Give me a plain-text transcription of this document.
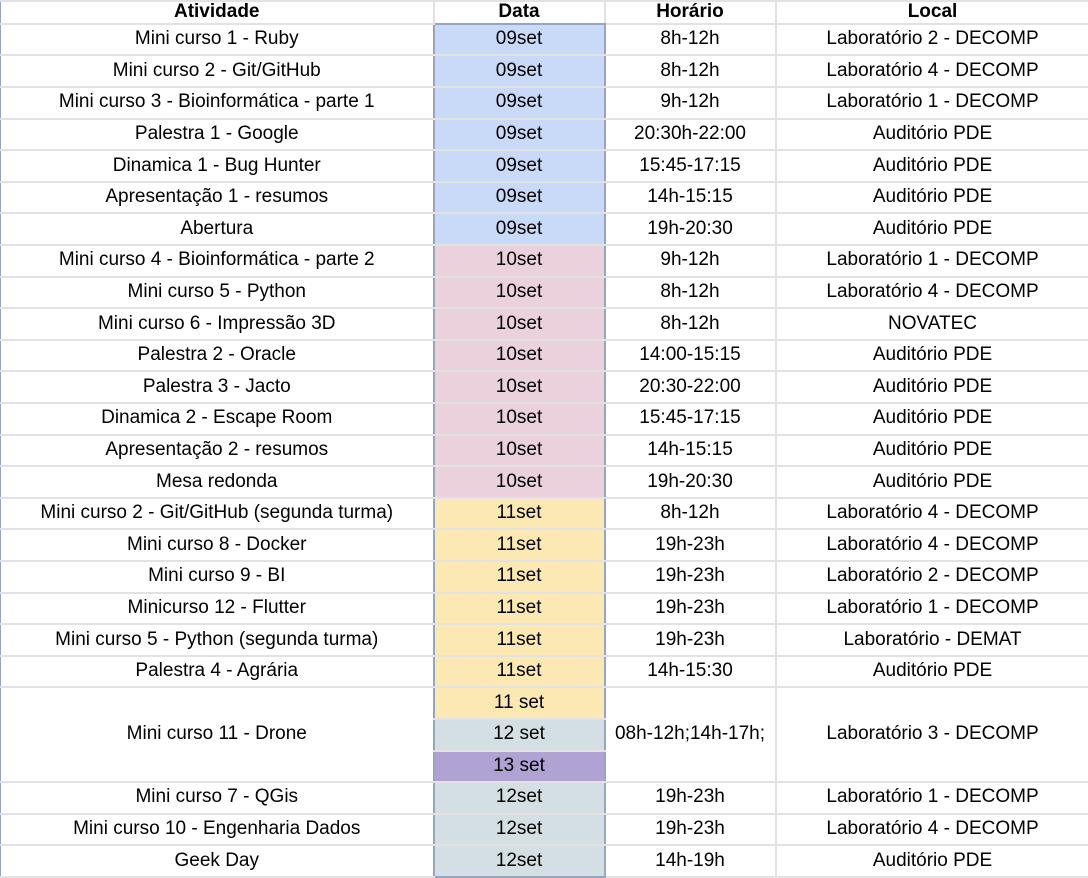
Atividade	Data	Horário	Local
Mini curso 1 - Ruby	09set	8h-12h	Laboratório 2 - DECOMP
Mini curso 2 - Git/GitHub	09set	8h-12h	Laboratório 4 - DECOMP
Mini curso 3 - Bioinformática - parte 1	09set	9h-12h	Laboratório 1 - DECOMP
Palestra 1 - Google	09set	20:30h-22:00	Auditório PDE
Dinamica 1 - Bug Hunter	09set	15:45-17:15	Auditório PDE
Apresentação 1 - resumos	09set	14h-15:15	Auditório PDE
Abertura	09set	19h-20:30	Auditório PDE
Mini curso 4 - Bioinformática - parte 2	10set	9h-12h	Laboratório 1 - DECOMP
Mini curso 5 - Python	10set	8h-12h	Laboratório 4 - DECOMP
Mini curso 6 - Impressão 3D	10set	8h-12h	NOVATEC
Palestra 2 - Oracle	10set	14:00-15:15	Auditório PDE
Palestra 3 - Jacto	10set	20:30-22:00	Auditório PDE
Dinamica 2 - Escape Room	10set	15:45-17:15	Auditório PDE
Apresentação 2 - resumos	10set	14h-15:15	Auditório PDE
Mesa redonda	10set	19h-20:30	Auditório PDE
Mini curso 2 - Git/GitHub (segunda turma)	11set	8h-12h	Laboratório 4 - DECOMP
Mini curso 8 - Docker	11set	19h-23h	Laboratório 4 - DECOMP
Mini curso 9 - BI	11set	19h-23h	Laboratório 2 - DECOMP
Minicurso 12 - Flutter	11set	19h-23h	Laboratório 1 - DECOMP
Mini curso 5 - Python (segunda turma)	11set	19h-23h	Laboratório - DEMAT
Palestra 4 - Agrária	11set	14h-15:30	Auditório PDE
Mini curso 11 - Drone	11 set	08h-12h;14h-17h;	Laboratório 3 - DECOMP
	12 set		
	13 set		
Mini curso 7 - QGis	12set	19h-23h	Laboratório 1 - DECOMP
Mini curso 10 - Engenharia Dados	12set	19h-23h	Laboratório 4 - DECOMP
Geek Day	12set	14h-19h	Auditório PDE
